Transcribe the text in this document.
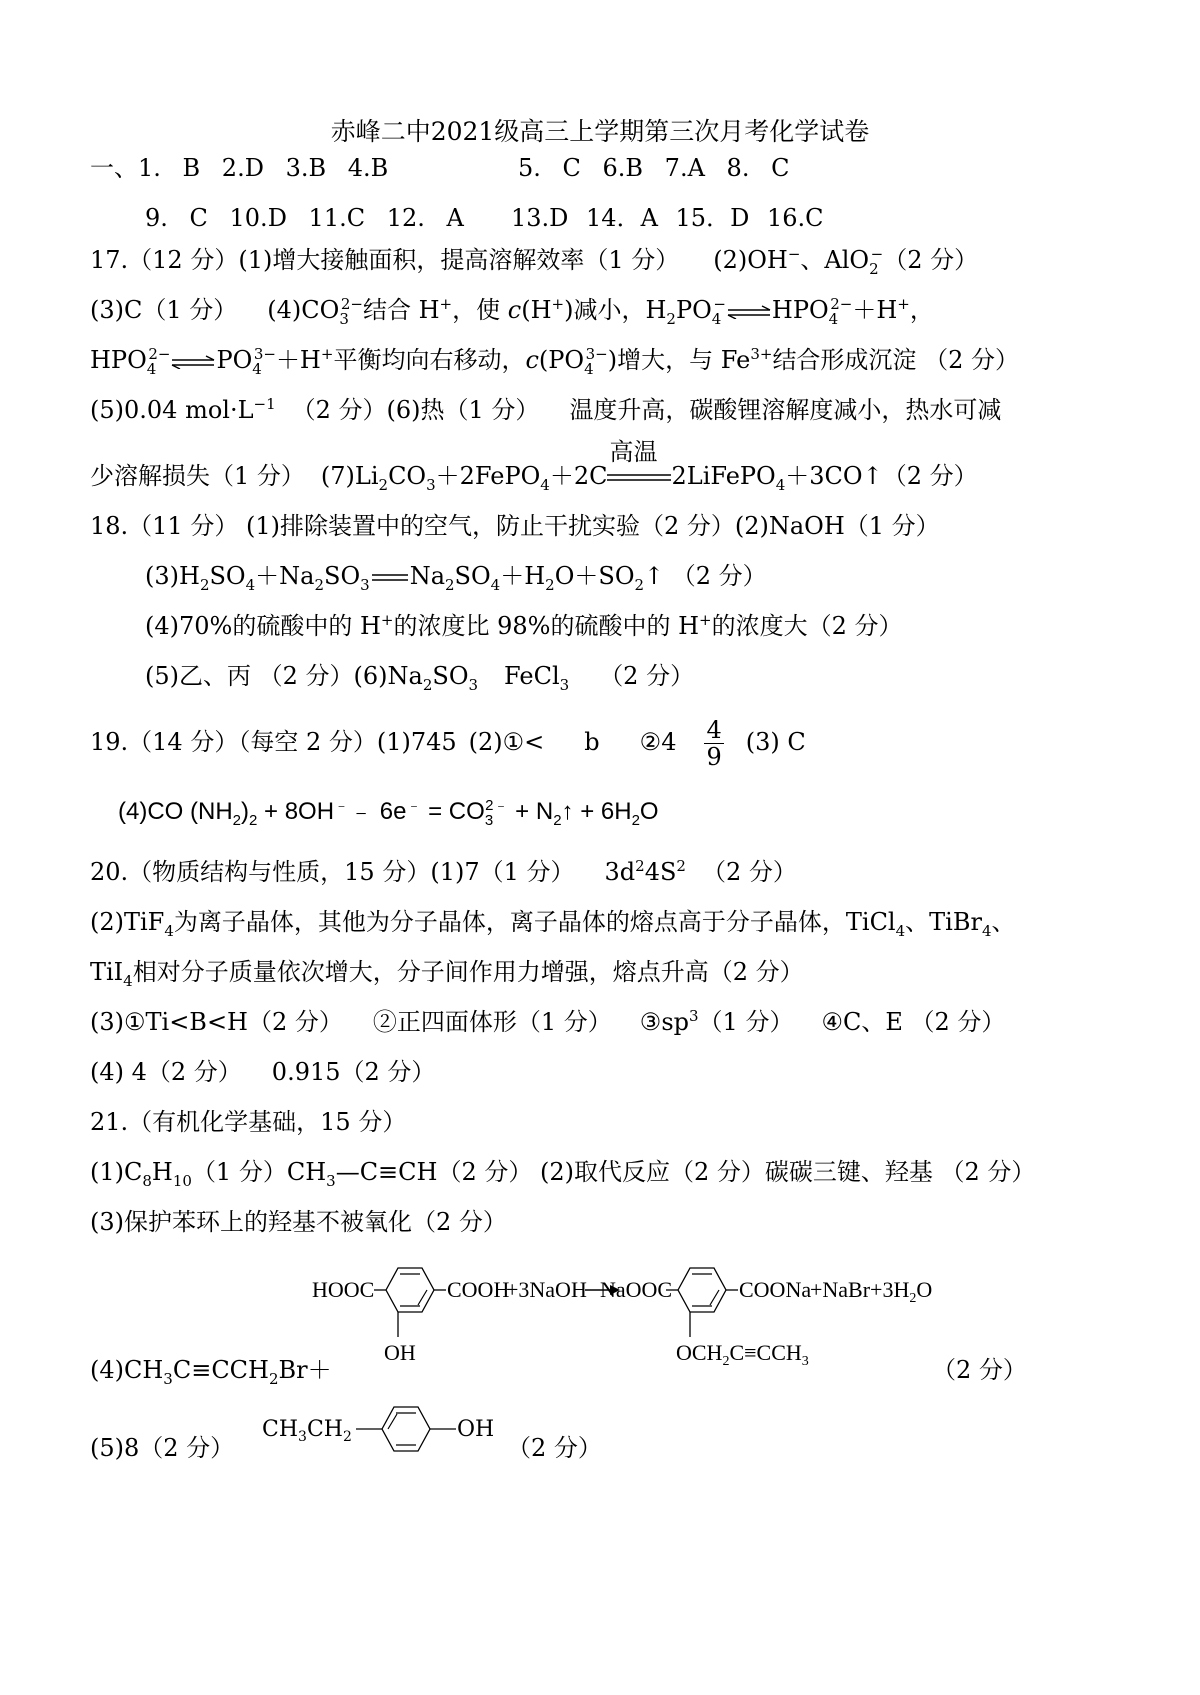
赤峰二中2021级高三上学期第三次月考化学试卷
一、1. B 2.D 3.B 4.B	5. C 6.B 7.A 8. C
9. C 10.D 11.C 12. A 13.D 14．A 15．D 16.C
17.（12 分）(1)增大接触面积，提高溶解效率（1 分） (2)OH−、AlO$_2$−（2 分）
(3)C（1 分） $(4)CO_3^{2-}$结合 H+，使 c(H+)减小，$H_2PO_4^-\rightleftharpoons HPO_4^{2-}+H^+$，
$HPO_4^{2-}\rightleftharpoons PO_4^{3-}+H^+$平衡均向右移动，$c(PO_4^{3-})$增大，与 $Fe^{3+}$结合形成沉淀 （2 分）
(5)0.04 $mol\cdot L^{-1}$ （2 分）(6)热（1 分） 温度升高，碳酸锂溶解度减小，热水可减
少溶解损失（1 分） $(7)Li_2CO_3+2FePO_4+2C$
高温
2LiFePO$_4$＋3CO↑（2 分）
18.（11 分） (1)排除装置中的空气，防止干扰实验（2 分）(2)NaOH（1 分）
$(3)H_2SO_4+Na_2SO_3$ $Na_2SO_4+H_2O+SO_2↑$ （2 分）
(4)70%的硫酸中的 H+的浓度比 98%的硫酸中的 H+的浓度大（2 分）
(5)乙、丙 （2 分）$(6)Na_2SO_3$ FeCl$_3$ （2 分）
19.（14 分）（每空 2 分）(1)745 (2)①< b ②4 $\frac{4}{9} (3)$ C
(4)CO $(NH_2)_2$ + 8OH﹣﹣ $6e^﹣ = CO_3^{2﹣}$ + $N_2↑ + 6H_2O$
20.（物质结构与性质，15 分）(1)7（1 分） $3d^24S^2$ （2 分）
(2)TiF$_4$为离子晶体，其他为分子晶体，离子晶体的熔点高于分子晶体，TiCl$_4$、TiBr$_4$、
TiI$_4$相对分子质量依次增大，分子间作用力增强，熔点升高（2 分）
(3)①Ti<B<H（2 分） ②正四面体形（1 分） $③sp^3(1$ 分） ④C、E （2 分）
(4) 4（2 分） 0.915（2 分）
21.（有机化学基础，15 分）
$(1)C_8H_{10}(1$ 分）$CH_3—C\equiv CH(2$ 分） (2)取代反应（2 分）碳碳三键、羟基 （2 分）
(3)保护苯环上的羟基不被氧化（2 分）
HOOC	COOH
+3NaOH
OH
NaOOC	COONa
$+NaBr+3H_2O$
$OCH_2C\equiv CCH_3$
$(4)CH_3C\equiv CCH_2Br+$	（2 分）
(5)8（2 分）
$CH_3CH_2$	OH
（2 分）
